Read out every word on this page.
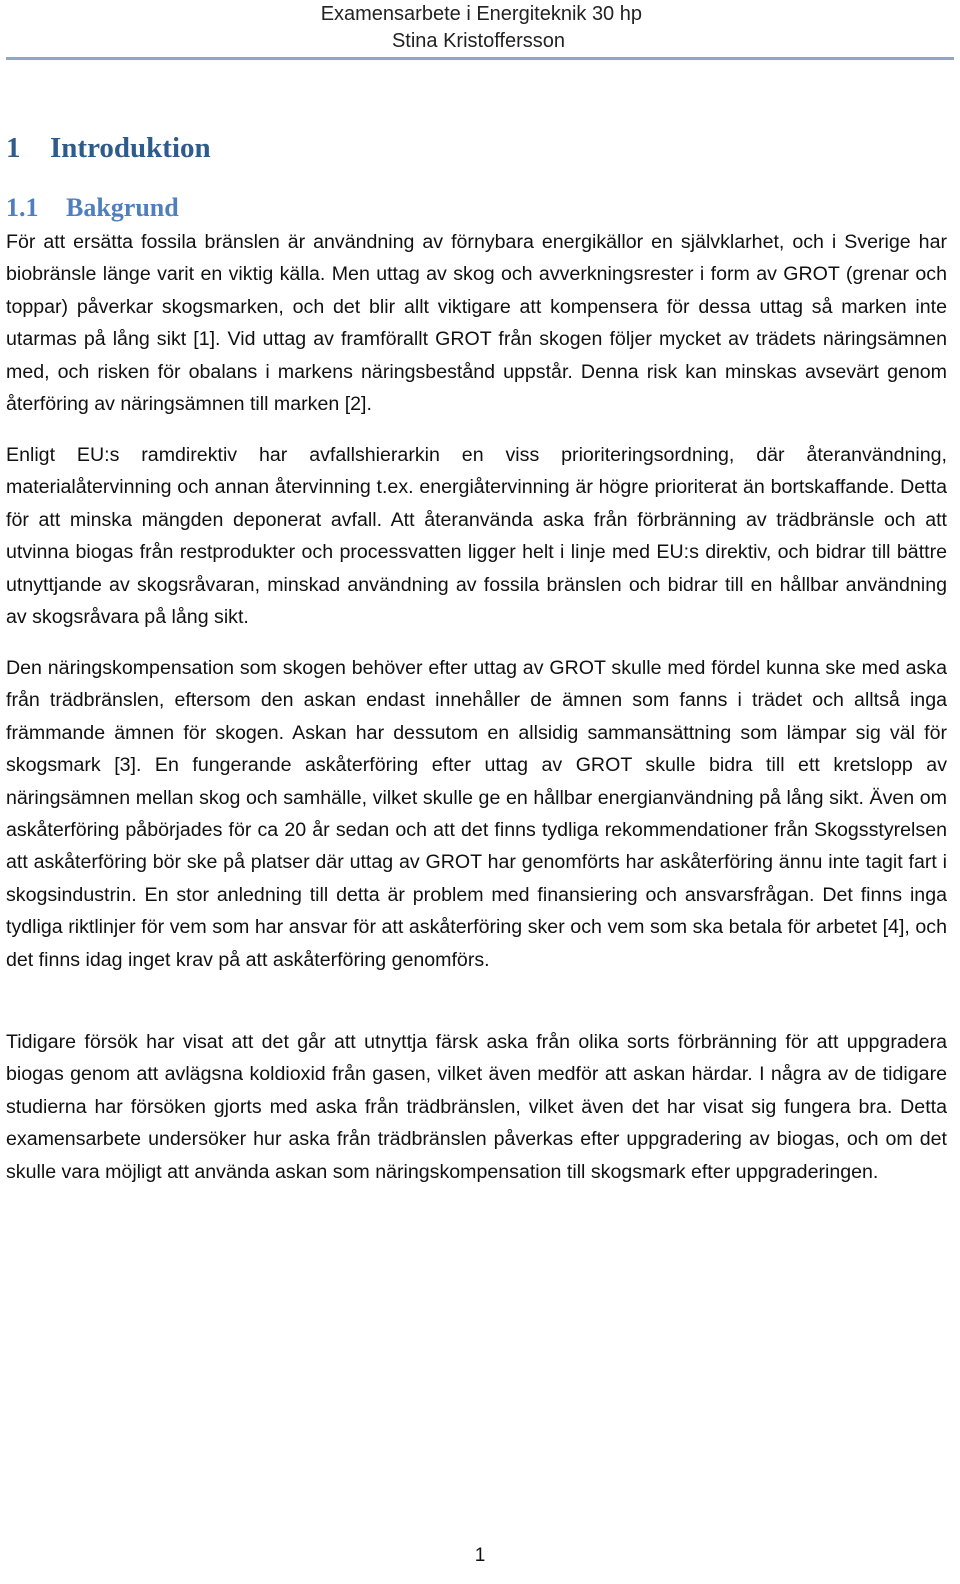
Examensarbete i Energiteknik 30 hp
Stina Kristoffersson
1 Introduktion
1.1 Bakgrund

För att ersätta fossila bränslen är användning av förnybara energikällor en självklarhet, och i Sverige har biobränsle länge varit en viktig källa. Men uttag av skog och avverkningsrester i form av GROT (grenar och toppar) påverkar skogsmarken, och det blir allt viktigare att kompensera för dessa uttag så marken inte utarmas på lång sikt [1]. Vid uttag av framförallt GROT från skogen följer mycket av trädets näringsämnen med, och risken för obalans i markens näringsbestånd uppstår. Denna risk kan minskas avsevärt genom återföring av näringsämnen till marken [2].

Enligt EU:s ramdirektiv har avfallshierarkin en viss prioriteringsordning, där återanvändning, materialåtervinning och annan återvinning t.ex. energiåtervinning är högre prioriterat än bortskaffande. Detta för att minska mängden deponerat avfall. Att återanvända aska från förbränning av trädbränsle och att utvinna biogas från restprodukter och processvatten ligger helt i linje med EU:s direktiv, och bidrar till bättre utnyttjande av skogsråvaran, minskad användning av fossila bränslen och bidrar till en hållbar användning av skogsråvara på lång sikt.

Den näringskompensation som skogen behöver efter uttag av GROT skulle med fördel kunna ske med aska från trädbränslen, eftersom den askan endast innehåller de ämnen som fanns i trädet och alltså inga främmande ämnen för skogen. Askan har dessutom en allsidig sammansättning som lämpar sig väl för skogsmark [3]. En fungerande askåterföring efter uttag av GROT skulle bidra till ett kretslopp av näringsämnen mellan skog och samhälle, vilket skulle ge en hållbar energianvändning på lång sikt. Även om askåterföring påbörjades för ca 20 år sedan och att det finns tydliga rekommendationer från Skogsstyrelsen att askåterföring bör ske på platser där uttag av GROT har genomförts har askåterföring ännu inte tagit fart i skogsindustrin. En stor anledning till detta är problem med finansiering och ansvarsfrågan. Det finns inga tydliga riktlinjer för vem som har ansvar för att askåterföring sker och vem som ska betala för arbetet [4], och det finns idag inget krav på att askåterföring genomförs.

Tidigare försök har visat att det går att utnyttja färsk aska från olika sorts förbränning för att uppgradera biogas genom att avlägsna koldioxid från gasen, vilket även medför att askan härdar. I några av de tidigare studierna har försöken gjorts med aska från trädbränslen, vilket även det har visat sig fungera bra. Detta examensarbete undersöker hur aska från trädbränslen påverkas efter uppgradering av biogas, och om det skulle vara möjligt att använda askan som näringskompensation till skogsmark efter uppgraderingen.

1
